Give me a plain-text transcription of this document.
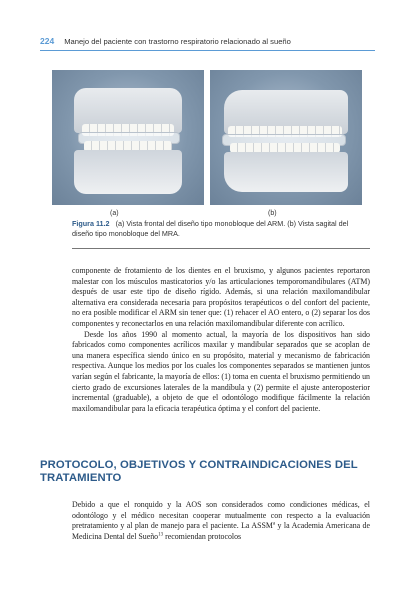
224 Manejo del paciente con trastorno respiratorio relacionado al sueño
(a)	(b)
Figura 11.2 (a) Vista frontal del diseño tipo monobloque del ARM. (b) Vista sagital del diseño tipo monobloque del MRA.

componente de frotamiento de los dientes en el bruxismo, y algunos pacientes reportaron malestar con los músculos masticatorios y/o las articulaciones temporomandibulares (ATM) después de usar este tipo de diseño rígido. Además, si una relación maxilomandibular alternativa era considerada necesaria para propósitos terapéuticos o del confort del paciente, no era posible modificar el ARM sin tener que: (1) rehacer el AO entero, o (2) separar los dos componentes y reconectarlos en una relación maxilomandibular diferente con acrílico.

Desde los años 1990 al momento actual, la mayoría de los dispositivos han sido fabricados como componentes acrílicos maxilar y mandibular separados que se acoplan de una manera específica siendo único en su propósito, material y mecanismo de fabricación respectiva. Aunque los medios por los cuales los componentes separados se mantienen juntos varían según el fabricante, la mayoría de ellos: (1) toma en cuenta el bruxismo permitiendo un cierto grado de excursiones laterales de la mandíbula y (2) permite el ajuste anteroposterior incremental (graduable), a objeto de que el odontólogo modifique fácilmente la relación maxilomandibular para la eficacia terapéutica óptima y el confort del paciente.

PROTOCOLO, OBJETIVOS Y CONTRAINDICACIONES DEL TRATAMIENTO

Debido a que el ronquido y la AOS son considerados como condiciones médicas, el odontólogo y el médico necesitan cooperar mutualmente con respecto a la evaluación pretratamiento y al plan de manejo para el paciente. La ASSM$^a$ y la Academia Americana de Medicina Dental del Sueño$^{13}$ recomiendan protocolos
